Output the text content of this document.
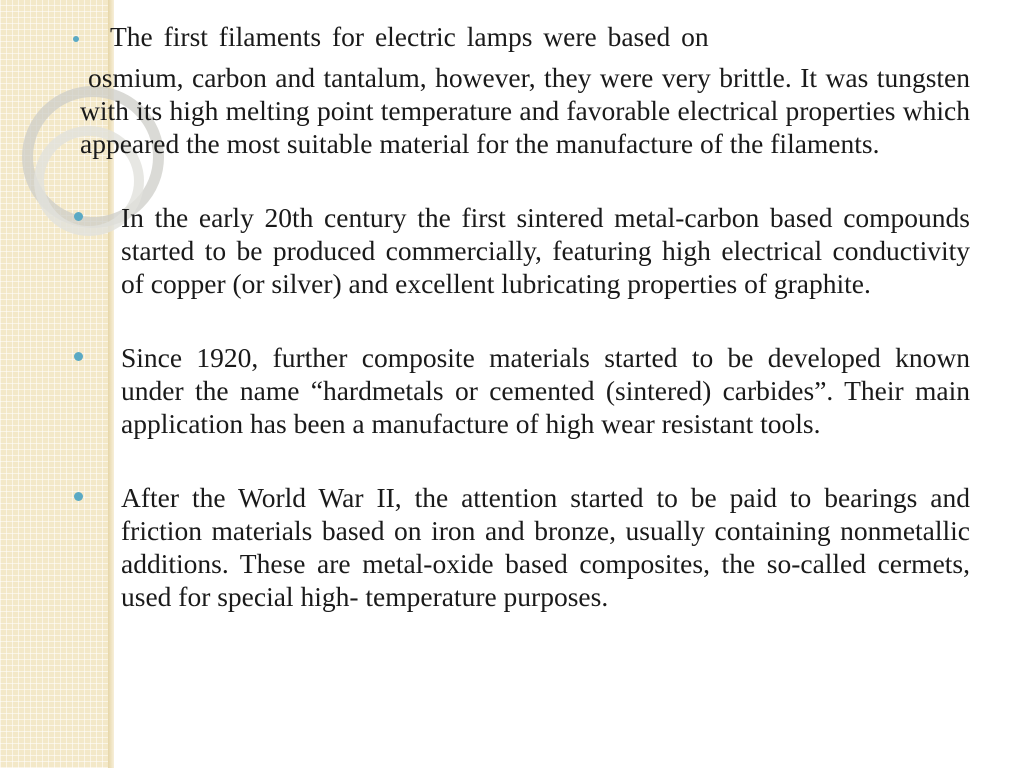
The first filaments for electric lamps were based on

osmium, carbon and tantalum, however, they were very brittle. It was tungsten with its high melting point temperature and favorable electrical properties which appeared the most suitable material for the manufacture of the filaments.

In the early 20th century the first sintered metal-carbon based compounds started to be produced commercially, featuring high electrical conductivity of copper (or silver) and excellent lubricating properties of graphite.

Since 1920, further composite materials started to be developed known under the name “hardmetals or cemented (sintered) carbides”. Their main application has been a manufacture of high wear resistant tools.

After the World War II, the attention started to be paid to bearings and friction materials based on iron and bronze, usually containing nonmetallic additions. These are metal-oxide based composites, the so-called cermets, used for special high- temperature purposes.
